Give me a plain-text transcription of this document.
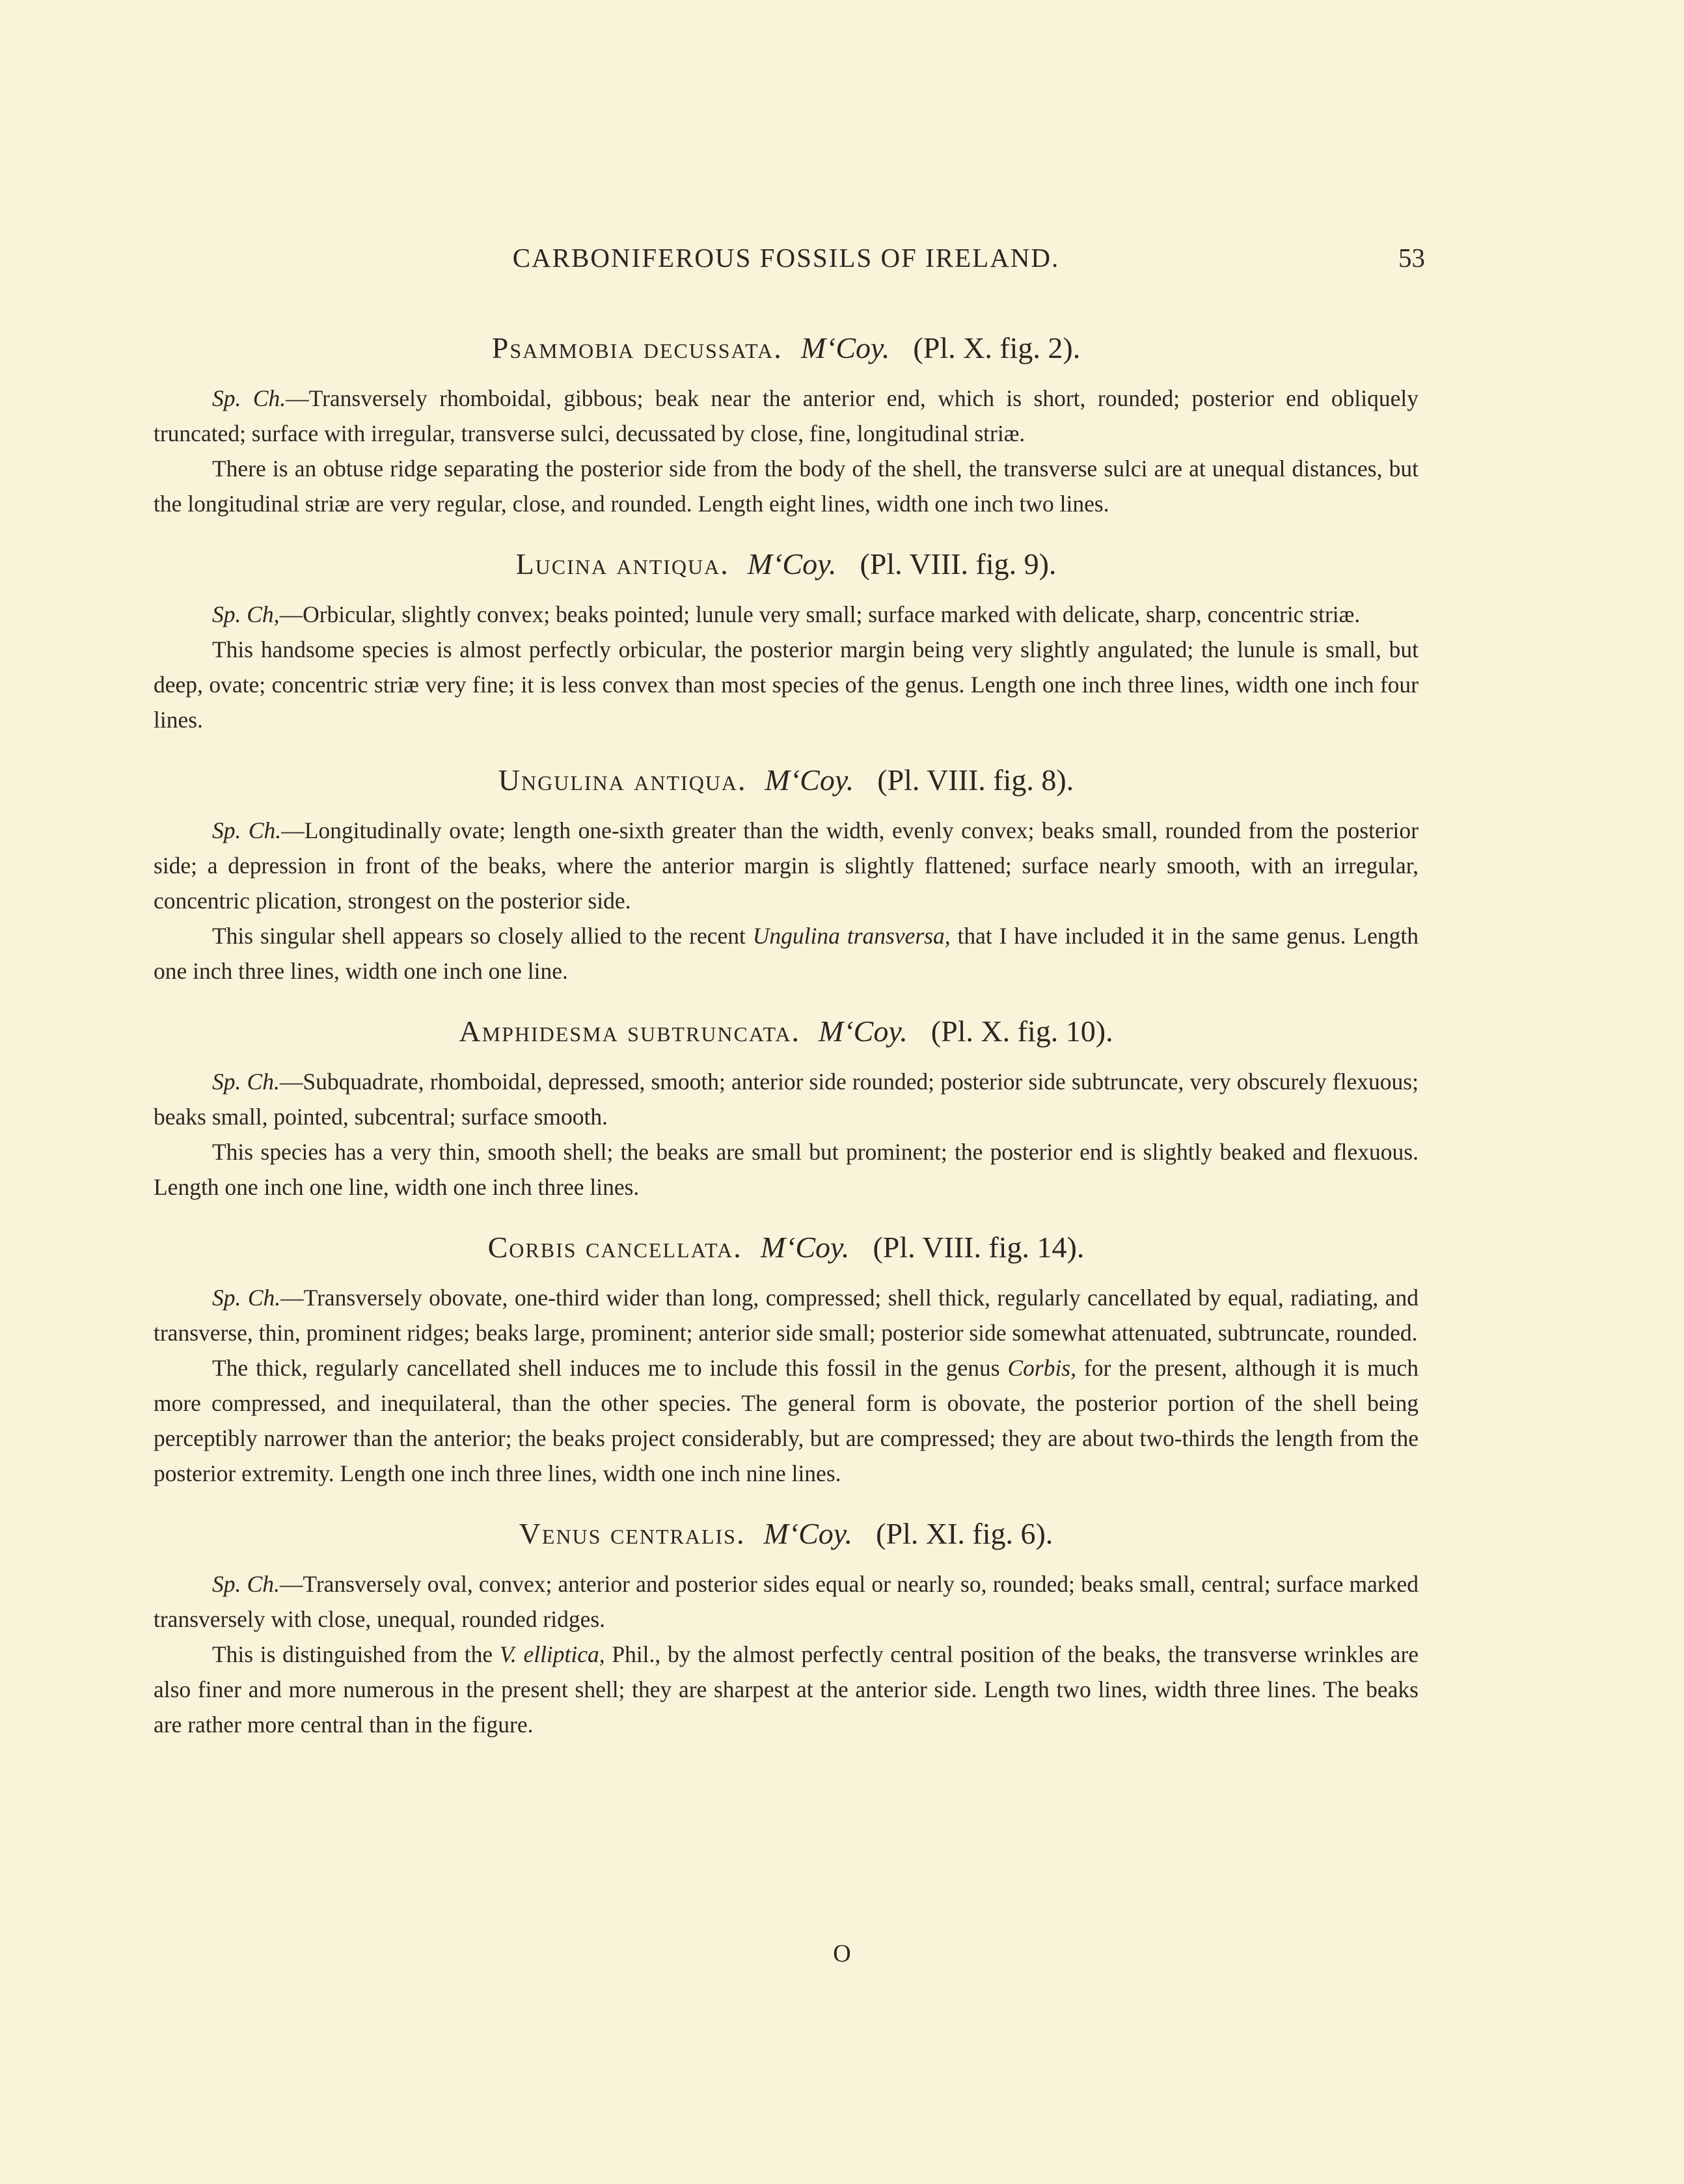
CARBONIFEROUS FOSSILS OF IRELAND.	53
Psammobia decussata. M‘Coy. (Pl. X. fig. 2).

Sp. Ch.—Transversely rhomboidal, gibbous; beak near the anterior end, which is short, rounded; posterior end obliquely truncated; surface with irregular, transverse sulci, decussated by close, fine, longitudinal striæ.

There is an obtuse ridge separating the posterior side from the body of the shell, the transverse sulci are at unequal distances, but the longitudinal striæ are very regular, close, and rounded. Length eight lines, width one inch two lines.

Lucina antiqua. M‘Coy. (Pl. VIII. fig. 9).

Sp. Ch,—Orbicular, slightly convex; beaks pointed; lunule very small; surface marked with delicate, sharp, concentric striæ.

This handsome species is almost perfectly orbicular, the posterior margin being very slightly angulated; the lunule is small, but deep, ovate; concentric striæ very fine; it is less convex than most species of the genus. Length one inch three lines, width one inch four lines.

Ungulina antiqua. M‘Coy. (Pl. VIII. fig. 8).

Sp. Ch.—Longitudinally ovate; length one-sixth greater than the width, evenly convex; beaks small, rounded from the posterior side; a depression in front of the beaks, where the anterior margin is slightly flattened; surface nearly smooth, with an irregular, concentric plication, strongest on the posterior side.

This singular shell appears so closely allied to the recent Ungulina transversa, that I have included it in the same genus. Length one inch three lines, width one inch one line.

Amphidesma subtruncata. M‘Coy. (Pl. X. fig. 10).

Sp. Ch.—Subquadrate, rhomboidal, depressed, smooth; anterior side rounded; posterior side subtruncate, very obscurely flexuous; beaks small, pointed, subcentral; surface smooth.

This species has a very thin, smooth shell; the beaks are small but prominent; the posterior end is slightly beaked and flexuous. Length one inch one line, width one inch three lines.

Corbis cancellata. M‘Coy. (Pl. VIII. fig. 14).

Sp. Ch.—Transversely obovate, one-third wider than long, compressed; shell thick, regularly cancellated by equal, radiating, and transverse, thin, prominent ridges; beaks large, prominent; anterior side small; posterior side somewhat attenuated, subtruncate, rounded.

The thick, regularly cancellated shell induces me to include this fossil in the genus Corbis, for the present, although it is much more compressed, and inequilateral, than the other species. The general form is obovate, the posterior portion of the shell being perceptibly narrower than the anterior; the beaks project considerably, but are compressed; they are about two-thirds the length from the posterior extremity. Length one inch three lines, width one inch nine lines.

Venus centralis. M‘Coy. (Pl. XI. fig. 6).

Sp. Ch.—Transversely oval, convex; anterior and posterior sides equal or nearly so, rounded; beaks small, central; surface marked transversely with close, unequal, rounded ridges.

This is distinguished from the V. elliptica, Phil., by the almost perfectly central position of the beaks, the transverse wrinkles are also finer and more numerous in the present shell; they are sharpest at the anterior side. Length two lines, width three lines. The beaks are rather more central than in the figure.

O
